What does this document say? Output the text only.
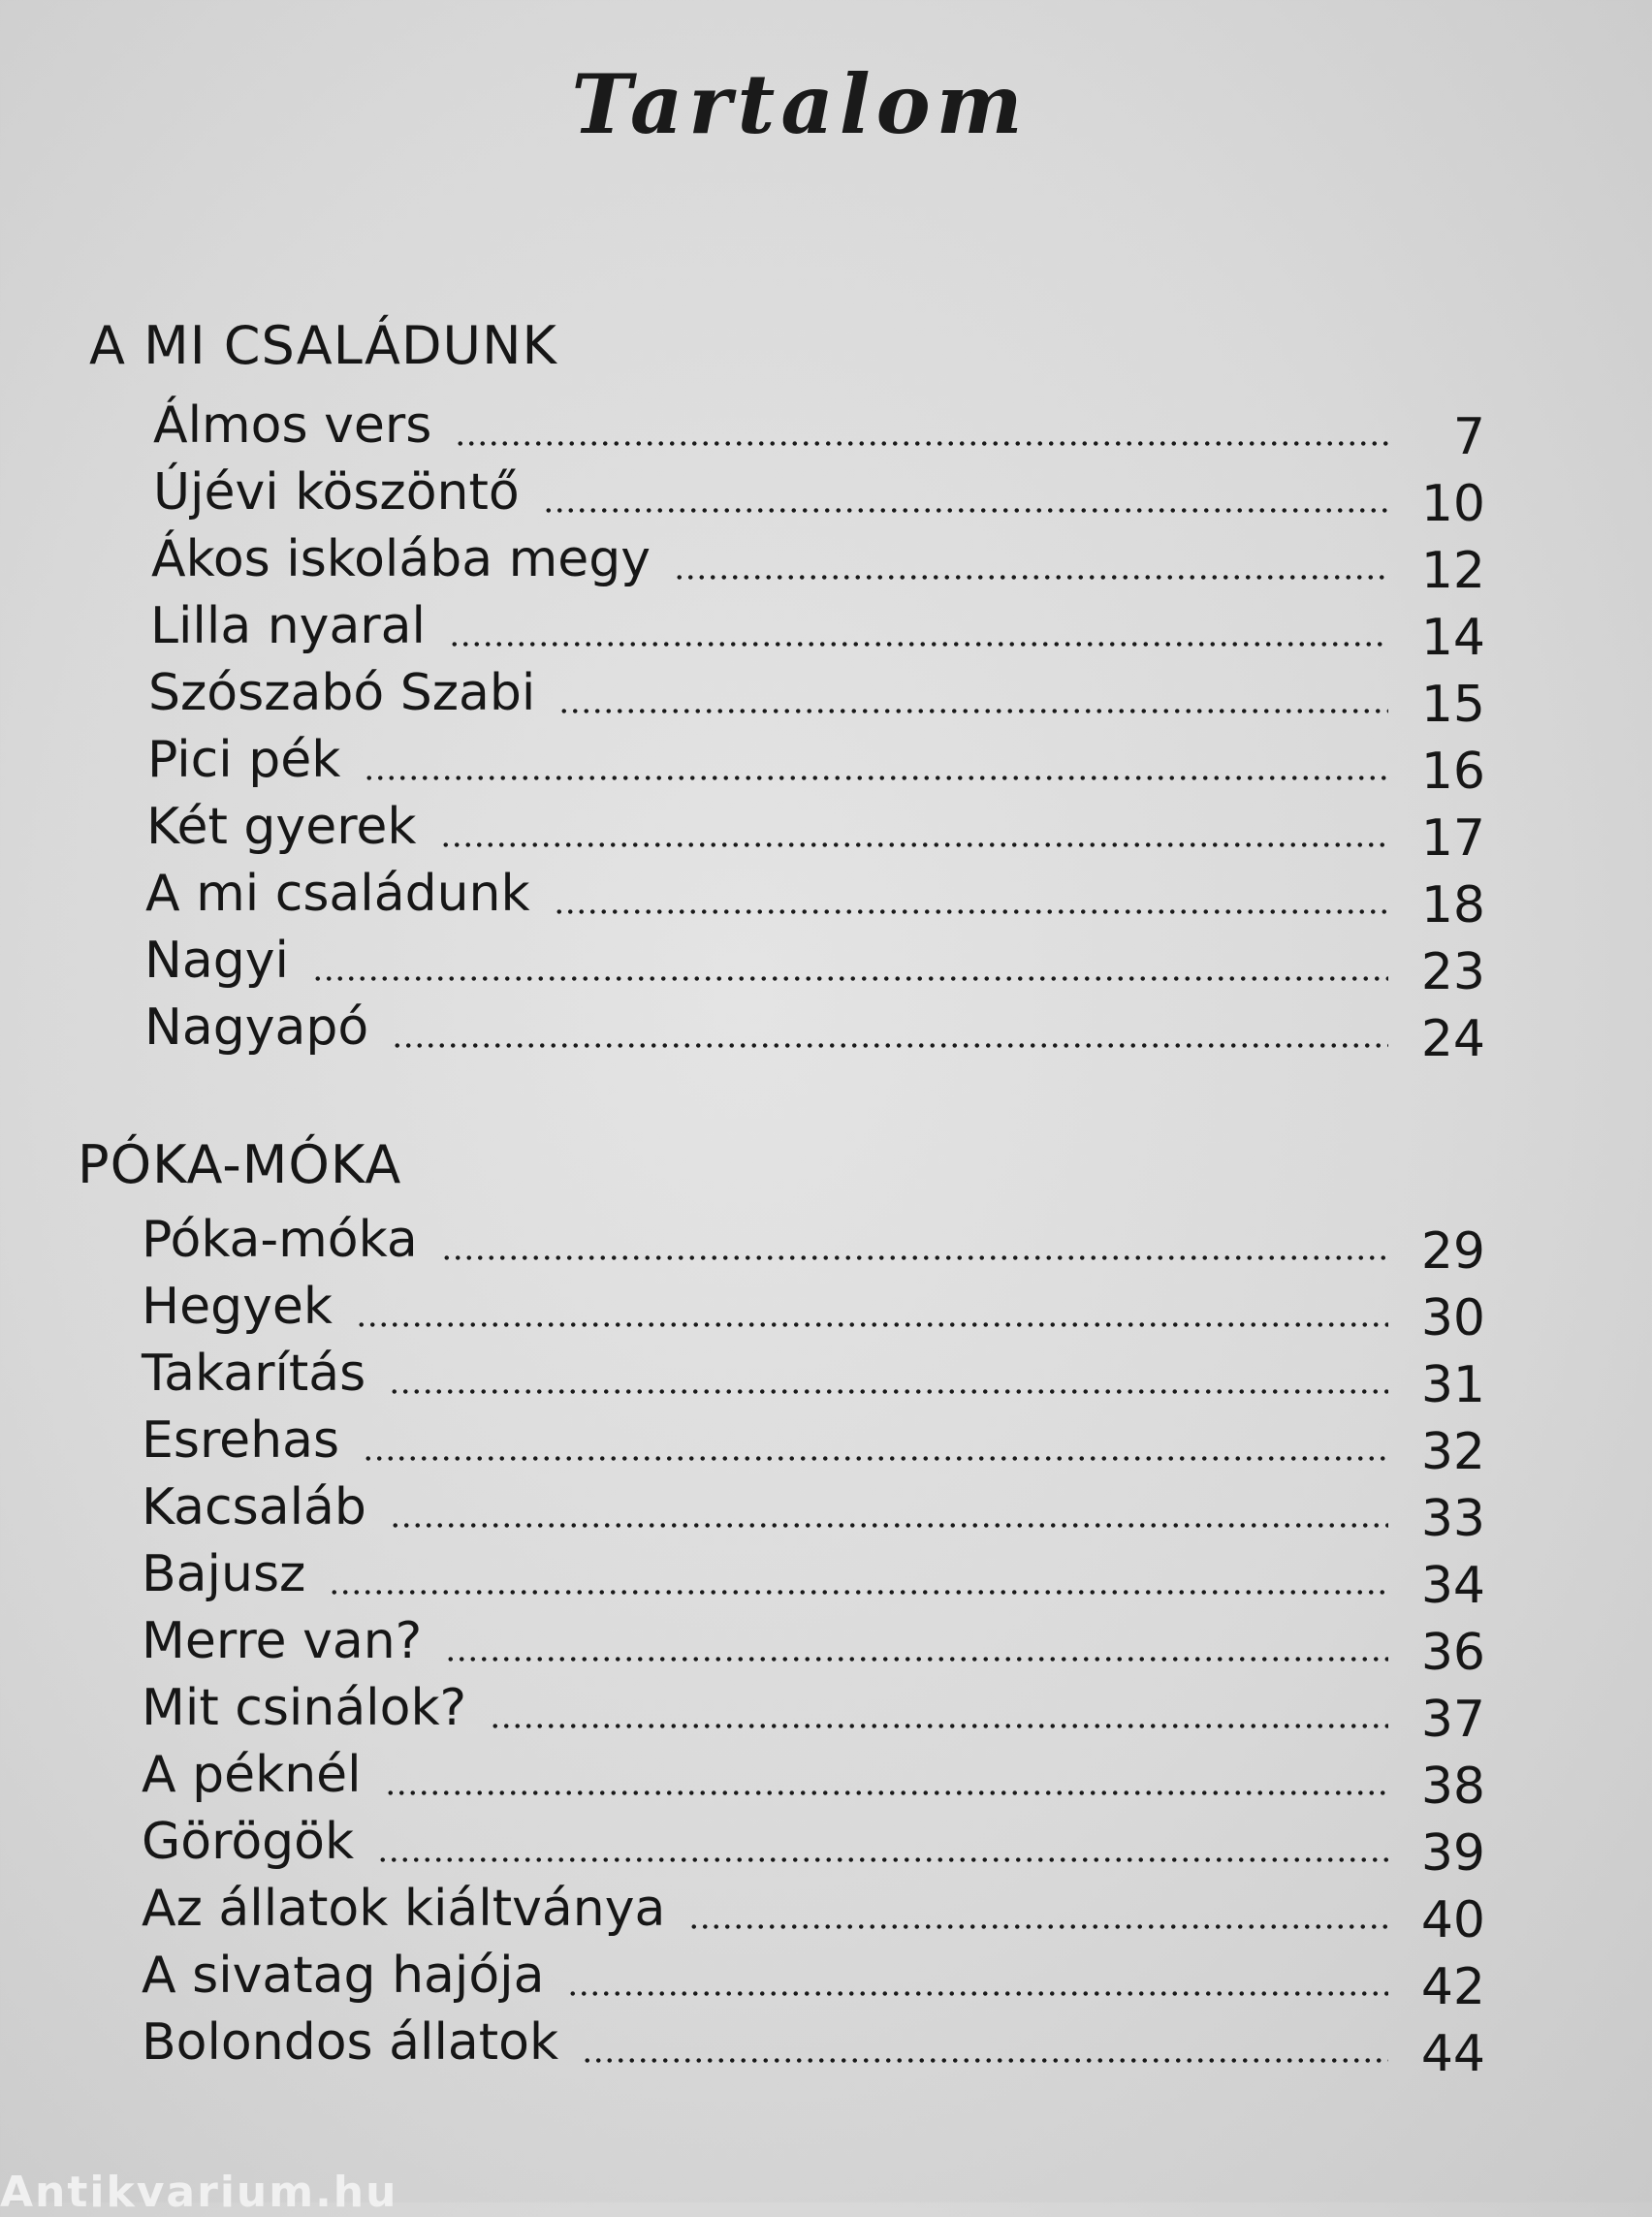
Tartalom
A MI CSALÁDUNK
Álmos vers	7
Újévi köszöntő	10
Ákos iskolába megy	12
Lilla nyaral	14
Szószabó Szabi	15
Pici pék	16
Két gyerek	17
A mi családunk	18
Nagyi	23
Nagyapó	24
PÓKA-MÓKA
Póka-móka	29
Hegyek	30
Takarítás	31
Esrehas	32
Kacsaláb	33
Bajusz	34
Merre van?	36
Mit csinálok?	37
A péknél	38
Görögök	39
Az állatok kiáltványa	40
A sivatag hajója	42
Bolondos állatok	44
Antikvarium.hu
